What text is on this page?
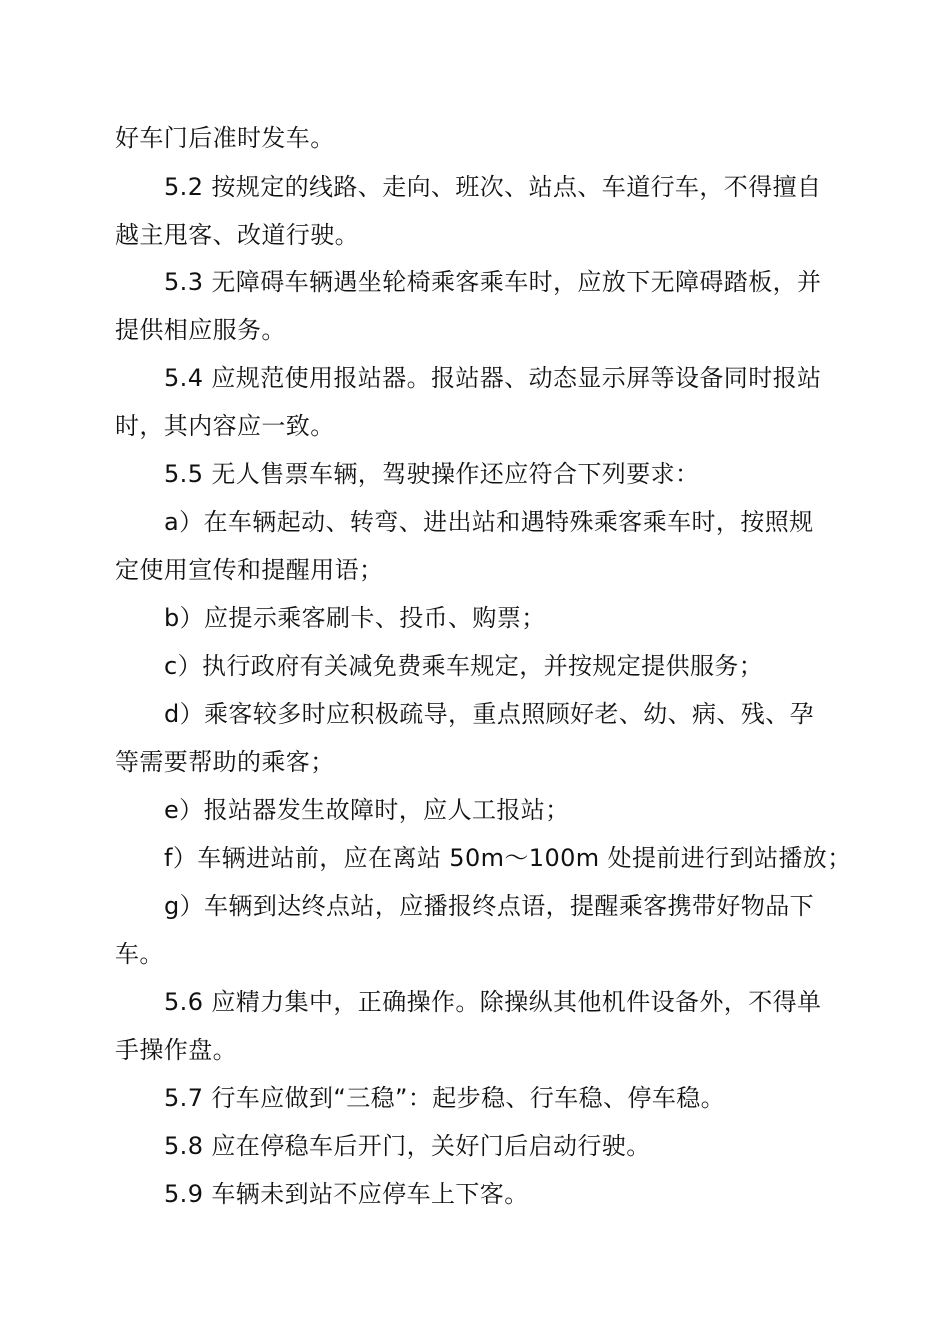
好车门后准时发车。
5.2 按规定的线路、走向、班次、站点、车道行车，不得擅自
越主甩客、改道行驶。
5.3 无障碍车辆遇坐轮椅乘客乘车时，应放下无障碍踏板，并
提供相应服务。
5.4 应规范使用报站器。报站器、动态显示屏等设备同时报站
时，其内容应一致。
5.5 无人售票车辆，驾驶操作还应符合下列要求：
a）在车辆起动、转弯、进出站和遇特殊乘客乘车时，按照规
定使用宣传和提醒用语；
b）应提示乘客刷卡、投币、购票；
c）执行政府有关减免费乘车规定，并按规定提供服务；
d）乘客较多时应积极疏导，重点照顾好老、幼、病、残、孕
等需要帮助的乘客；
e）报站器发生故障时，应人工报站；
f）车辆进站前，应在离站 50m～100m 处提前进行到站播放；
g）车辆到达终点站，应播报终点语，提醒乘客携带好物品下
车。
5.6 应精力集中，正确操作。除操纵其他机件设备外，不得单
手操作盘。
5.7 行车应做到“三稳”：起步稳、行车稳、停车稳。
5.8 应在停稳车后开门，关好门后启动行驶。
5.9 车辆未到站不应停车上下客。
